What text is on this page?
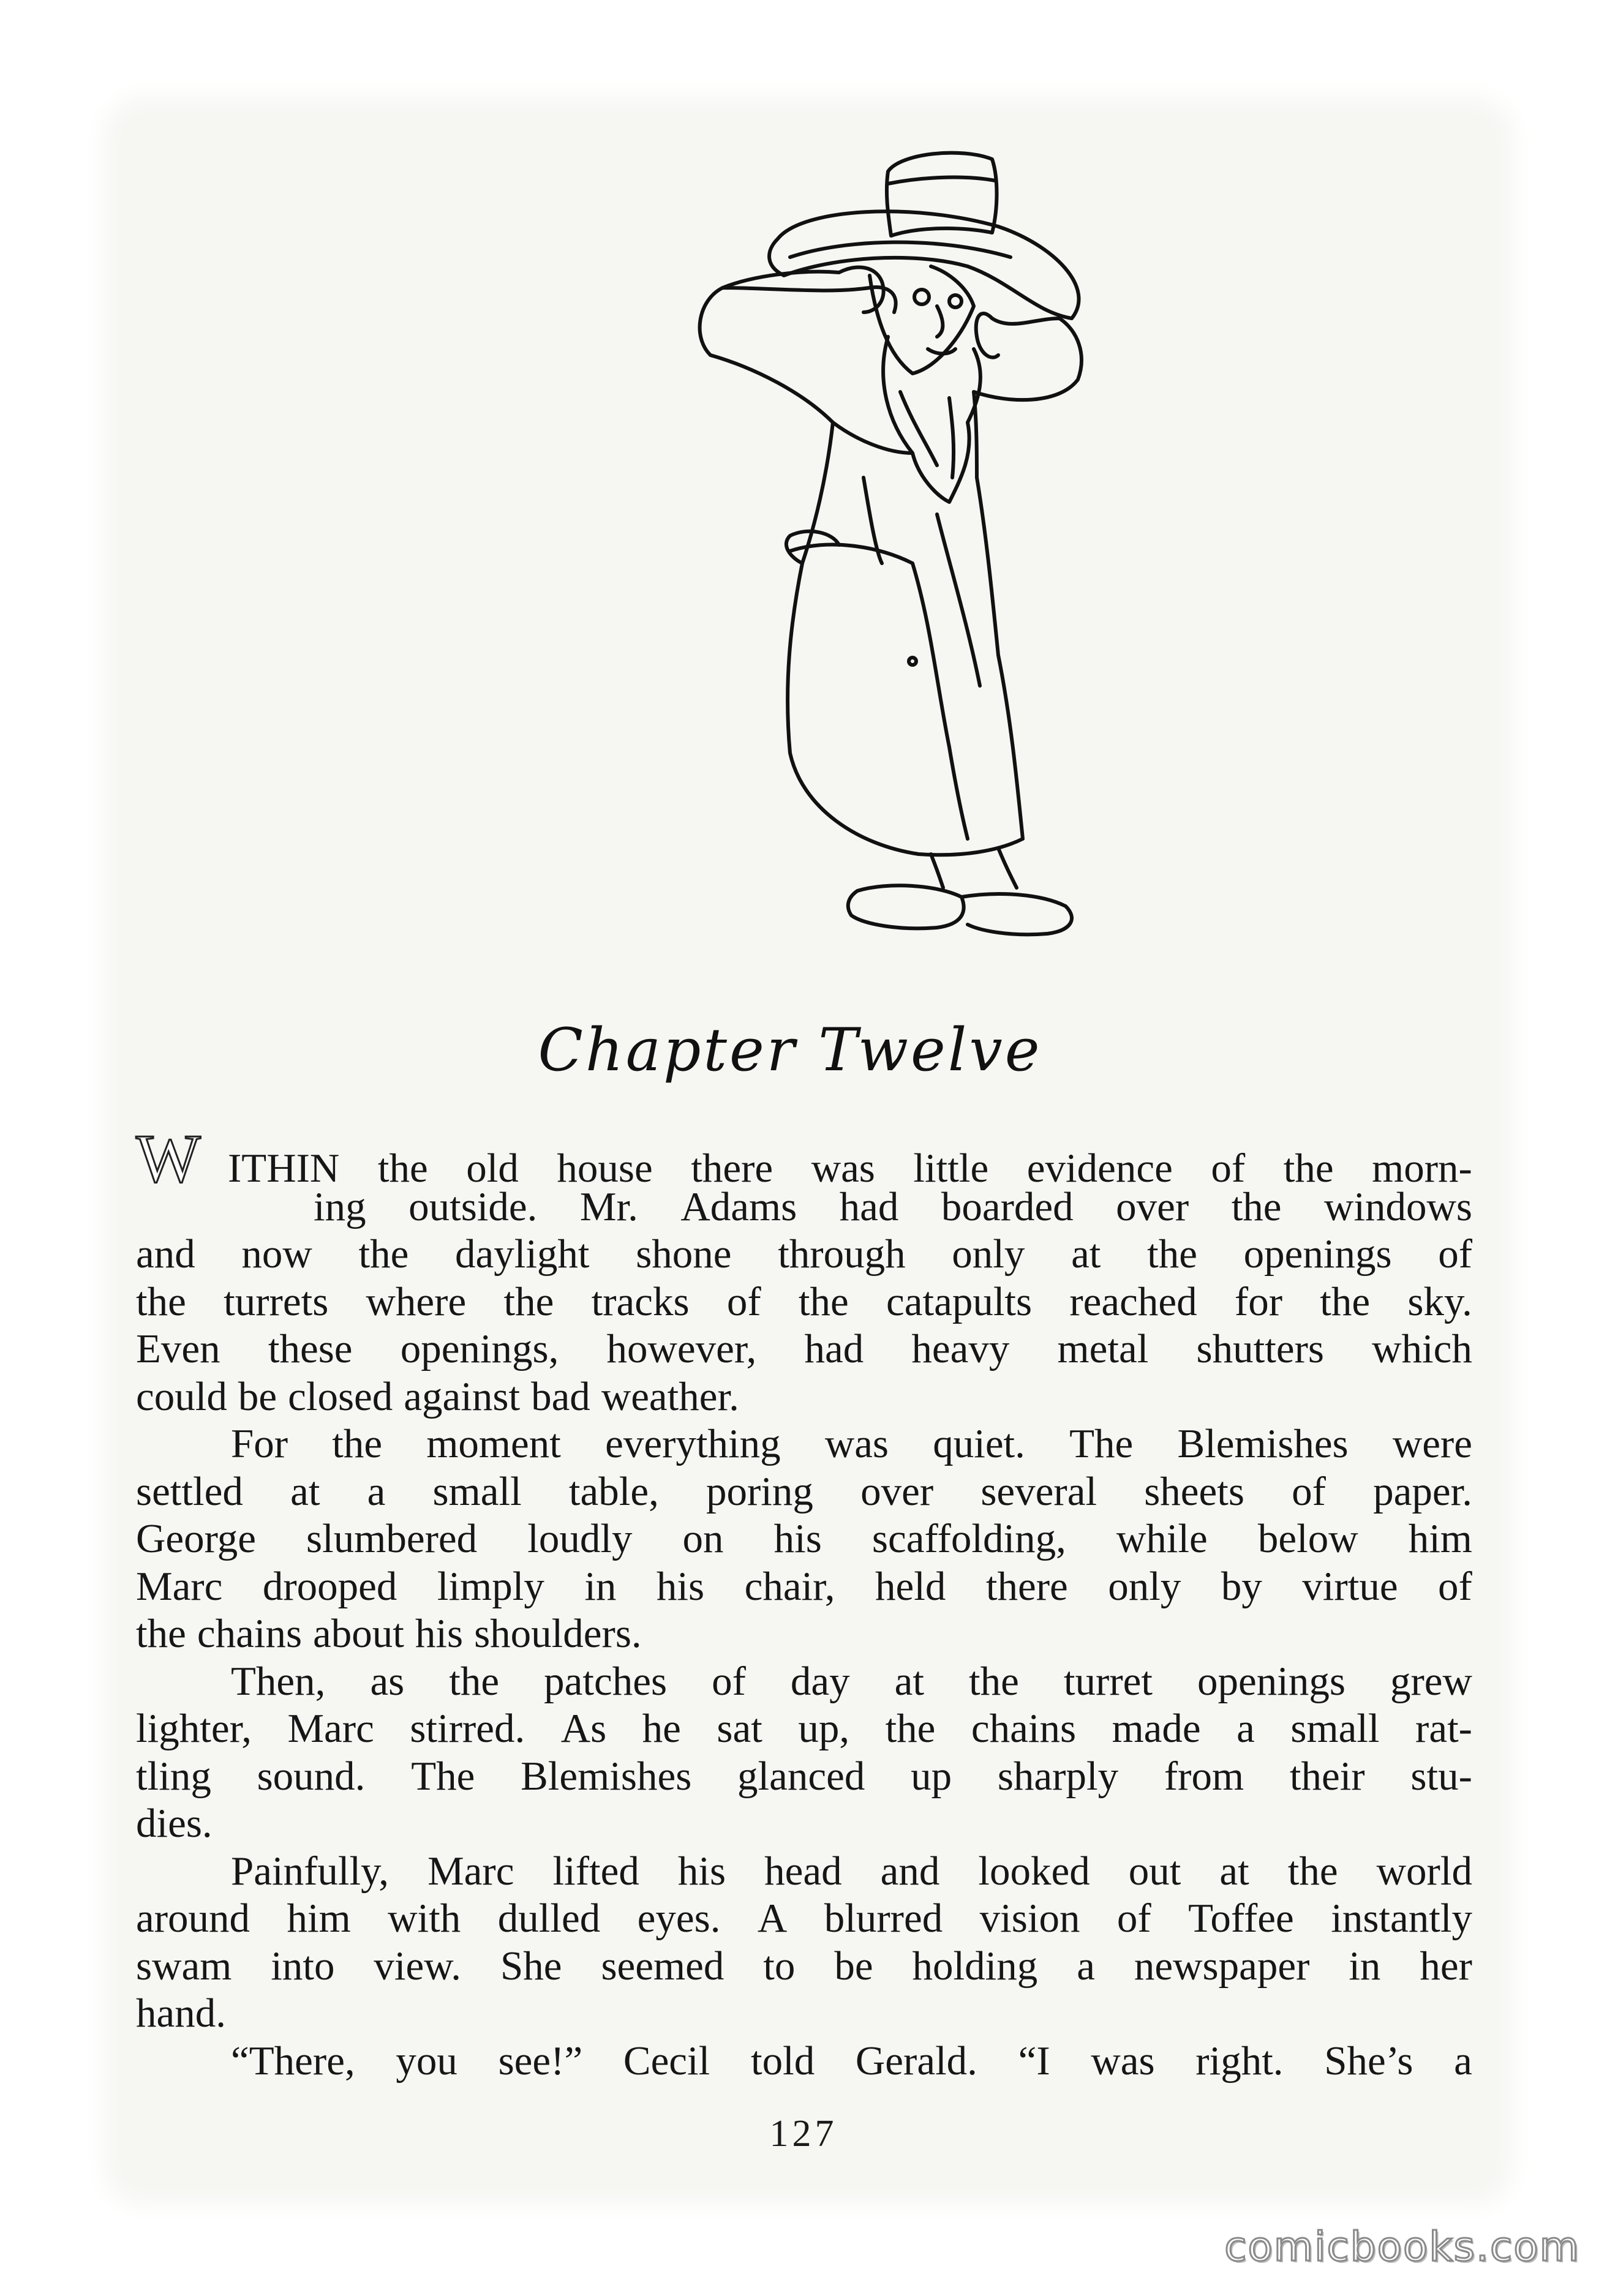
Chapter Twelve
W ITHIN the old house there was little evidence of the morn-
ing outside. Mr. Adams had boarded over the windows
and now the daylight shone through only at the openings of
the turrets where the tracks of the catapults reached for the sky.
Even these openings, however, had heavy metal shutters which
could be closed against bad weather.
For the moment everything was quiet. The Blemishes were
settled at a small table, poring over several sheets of paper.
George slumbered loudly on his scaffolding, while below him
Marc drooped limply in his chair, held there only by virtue of
the chains about his shoulders.
Then, as the patches of day at the turret openings grew
lighter, Marc stirred. As he sat up, the chains made a small rat-
tling sound. The Blemishes glanced up sharply from their stu-
dies.
Painfully, Marc lifted his head and looked out at the world
around him with dulled eyes. A blurred vision of Toffee instantly
swam into view. She seemed to be holding a newspaper in her
hand.
“There, you see!” Cecil told Gerald. “I was right. She’s a
127
comicbooks.com
